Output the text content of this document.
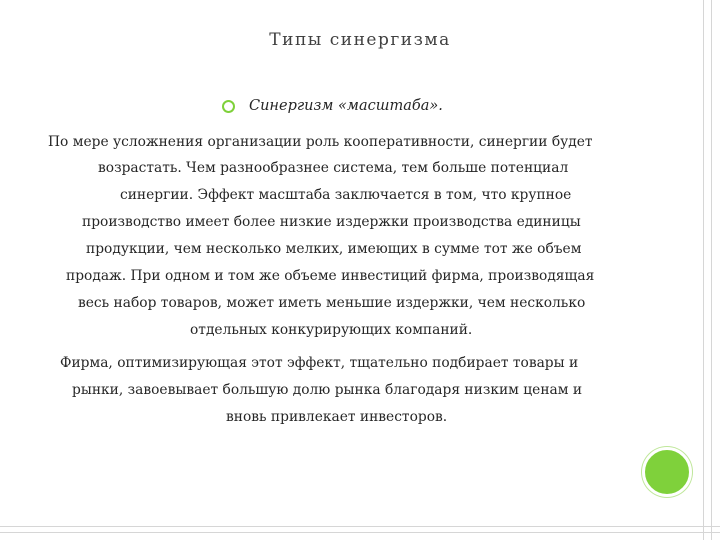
Типы синергизма
Синергизм «масштаба».
По мере усложнения организации роль кооперативности, синергии будет
возрастать. Чем разнообразнее система, тем больше потенциал
синергии. Эффект масштаба заключается в том, что крупное
производство имеет более низкие издержки производства единицы
продукции, чем несколько мелких, имеющих в сумме тот же объем
продаж. При одном и том же объеме инвестиций фирма, производящая
весь набор товаров, может иметь меньшие издержки, чем несколько
отдельных конкурирующих компаний.
Фирма, оптимизирующая этот эффект, тщательно подбирает товары и
рынки, завоевывает большую долю рынка благодаря низким ценам и
вновь привлекает инвесторов.
